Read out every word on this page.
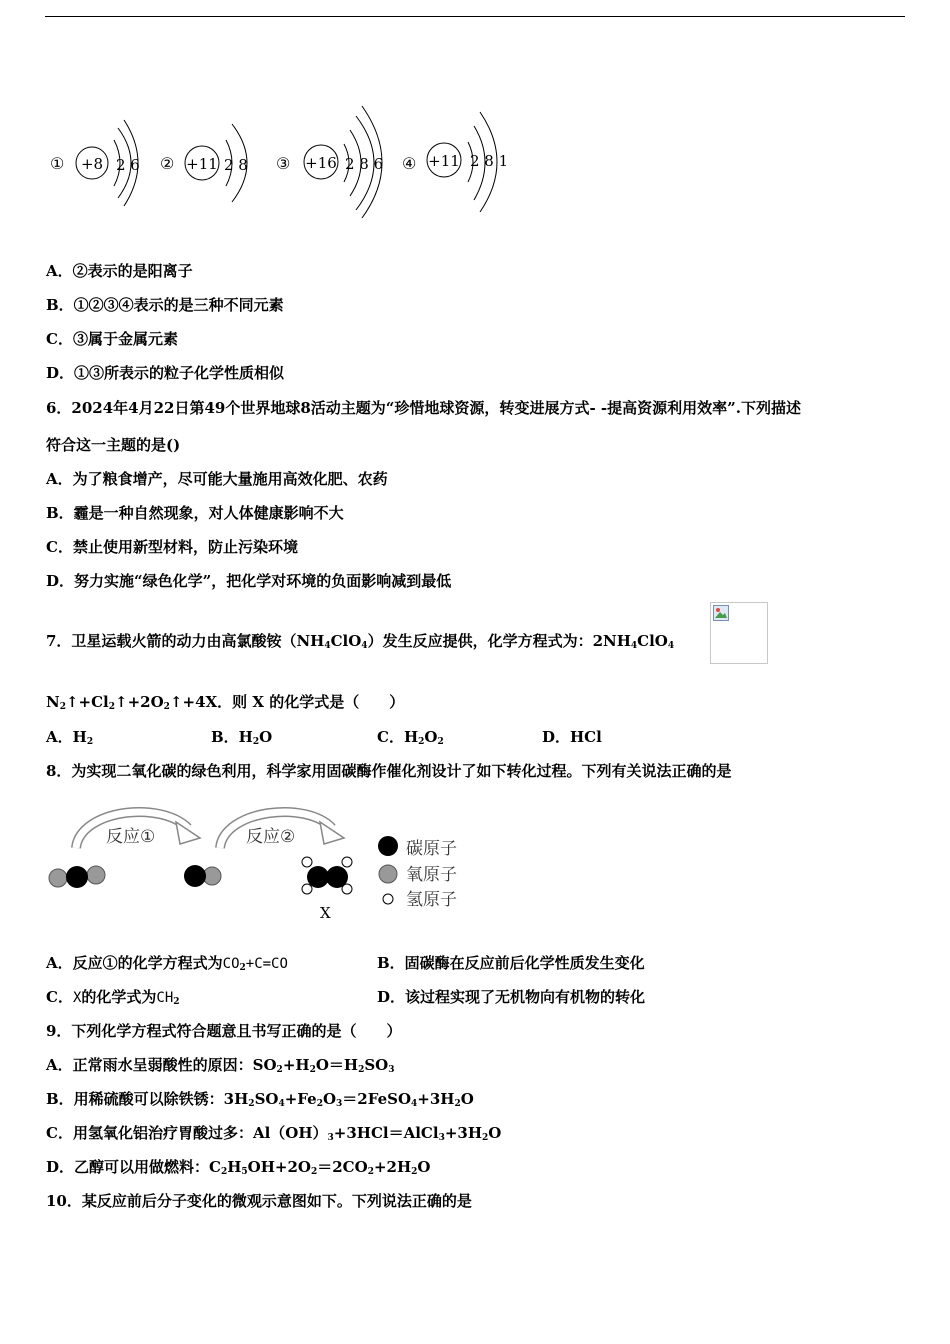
① +8 2 6 ② +11 2 8 ③ +16 2 8 6 ④ +11 2 8 1
A．②表示的是阳离子
B．①②③④表示的是三种不同元素
C．③属于金属元素
D．①③所表示的粒子化学性质相似
6．2024年4月22日第49个世界地球8活动主题为“珍惜地球资源，转变进展方式- -提高资源利用效率”.下列描述
符合这一主题的是()
A．为了粮食增产，尽可能大量施用高效化肥、农药
B．霾是一种自然现象，对人体健康影响不大
C．禁止使用新型材料，防止污染环境
D．努力实施“绿色化学”，把化学对环境的负面影响减到最低
7．卫星运载火箭的动力由高氯酸铵$(NH_4ClO_4)$发生反应提供，化学方程式为：$2NH_4ClO_4$
$N_2↑+Cl_2↑+2O_2↑+4X$．则 X 的化学式是（　　）
A．$H_2$	B．$H_2O$	C．$H_2O_2$	D．HCl
8．为实现二氧化碳的绿色利用，科学家用固碳酶作催化剂设计了如下转化过程。下列有关说法正确的是
反应①	反应②
X
碳原子
氧原子
氢原子
A．反应①的化学方程式为$CO_2+C=CO$	B．固碳酶在反应前后化学性质发生变化
C．X的化学式为$CH_2$	D．该过程实现了无机物向有机物的转化
9．下列化学方程式符合题意且书写正确的是（　　）
A．正常雨水呈弱酸性的原因：$SO_2+H_2O=H_2SO_3$
B．用稀硫酸可以除铁锈：$3H_2SO_4+Fe_2O_3=2FeSO_4+3H_2O$
C．用氢氧化铝治疗胃酸过多：$Al(OH)_3+3HCl=AlCl_3+3H_2O$
D．乙醇可以用做燃料：$C_2H_5OH+2O_2=2CO_2+2H_2O$
10．某反应前后分子变化的微观示意图如下。下列说法正确的是
